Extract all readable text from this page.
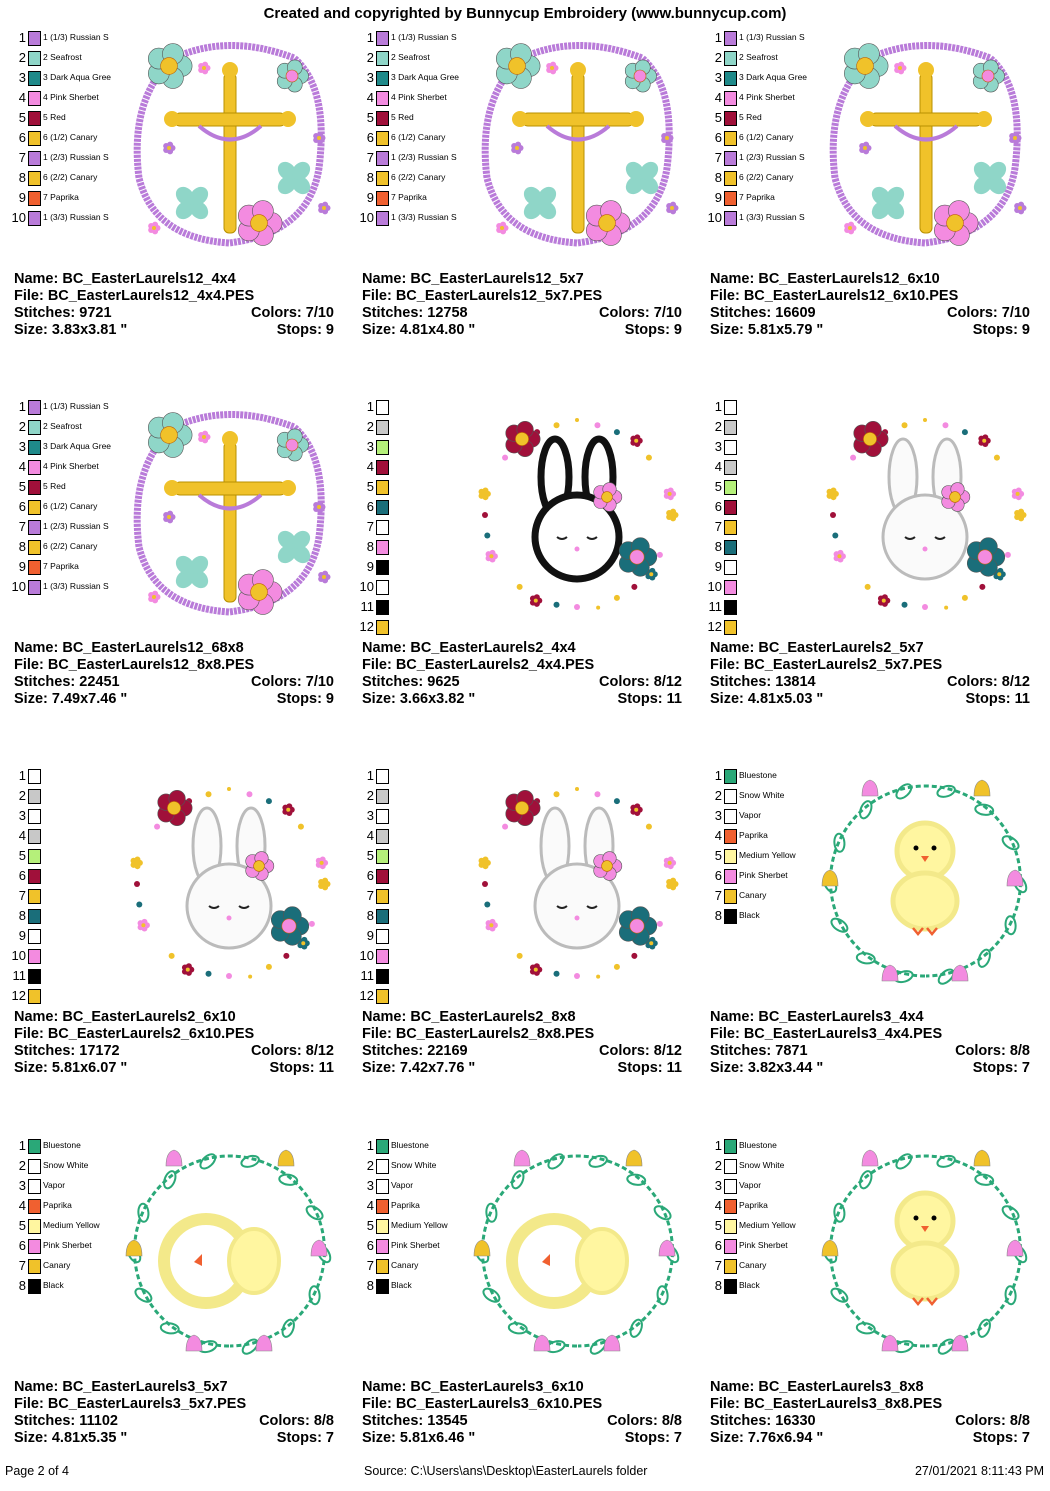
Created and copyrighted by Bunnycup Embroidery (www.bunnycup.com)
1 1 (1/3) Russian S
2 2 Seafrost
3 3 Dark Aqua Gree
4 4 Pink Sherbet
5 5 Red
6 6 (1/2) Canary
7 1 (2/3) Russian S
8 6 (2/2) Canary
9 7 Paprika
10 1 (3/3) Russian S
Name: BC_EasterLaurels12_4x4
File: BC_EasterLaurels12_4x4.PES
Stitches: 9721	Colors: 7/10
Size: 3.83x3.81 "	Stops: 9
1 1 (1/3) Russian S
2 2 Seafrost
3 3 Dark Aqua Gree
4 4 Pink Sherbet
5 5 Red
6 6 (1/2) Canary
7 1 (2/3) Russian S
8 6 (2/2) Canary
9 7 Paprika
10 1 (3/3) Russian S
Name: BC_EasterLaurels12_5x7
File: BC_EasterLaurels12_5x7.PES
Stitches: 12758	Colors: 7/10
Size: 4.81x4.80 "	Stops: 9
1 1 (1/3) Russian S
2 2 Seafrost
3 3 Dark Aqua Gree
4 4 Pink Sherbet
5 5 Red
6 6 (1/2) Canary
7 1 (2/3) Russian S
8 6 (2/2) Canary
9 7 Paprika
10 1 (3/3) Russian S
Name: BC_EasterLaurels12_6x10
File: BC_EasterLaurels12_6x10.PES
Stitches: 16609	Colors: 7/10
Size: 5.81x5.79 "	Stops: 9
1 1 (1/3) Russian S
2 2 Seafrost
3 3 Dark Aqua Gree
4 4 Pink Sherbet
5 5 Red
6 6 (1/2) Canary
7 1 (2/3) Russian S
8 6 (2/2) Canary
9 7 Paprika
10 1 (3/3) Russian S
Name: BC_EasterLaurels12_68x8
File: BC_EasterLaurels12_8x8.PES
Stitches: 22451	Colors: 7/10
Size: 7.49x7.46 "	Stops: 9
1
2
3
4
5
6
7
8
9
10
11
12
Name: BC_EasterLaurels2_4x4
File: BC_EasterLaurels2_4x4.PES
Stitches: 9625	Colors: 8/12
Size: 3.66x3.82 "	Stops: 11
1
2
3
4
5
6
7
8
9
10
11
12
Name: BC_EasterLaurels2_5x7
File: BC_EasterLaurels2_5x7.PES
Stitches: 13814	Colors: 8/12
Size: 4.81x5.03 "	Stops: 11
1
2
3
4
5
6
7
8
9
10
11
12
Name: BC_EasterLaurels2_6x10
File: BC_EasterLaurels2_6x10.PES
Stitches: 17172	Colors: 8/12
Size: 5.81x6.07 "	Stops: 11
1
2
3
4
5
6
7
8
9
10
11
12
Name: BC_EasterLaurels2_8x8
File: BC_EasterLaurels2_8x8.PES
Stitches: 22169	Colors: 8/12
Size: 7.42x7.76 "	Stops: 11
1 Bluestone
2 Snow White
3 Vapor
4 Paprika
5 Medium Yellow
6 Pink Sherbet
7 Canary
8 Black
Name: BC_EasterLaurels3_4x4
File: BC_EasterLaurels3_4x4.PES
Stitches: 7871	Colors: 8/8
Size: 3.82x3.44 "	Stops: 7
1 Bluestone
2 Snow White
3 Vapor
4 Paprika
5 Medium Yellow
6 Pink Sherbet
7 Canary
8 Black
Name: BC_EasterLaurels3_5x7
File: BC_EasterLaurels3_5x7.PES
Stitches: 11102	Colors: 8/8
Size: 4.81x5.35 "	Stops: 7
1 Bluestone
2 Snow White
3 Vapor
4 Paprika
5 Medium Yellow
6 Pink Sherbet
7 Canary
8 Black
Name: BC_EasterLaurels3_6x10
File: BC_EasterLaurels3_6x10.PES
Stitches: 13545	Colors: 8/8
Size: 5.81x6.46 "	Stops: 7
1 Bluestone
2 Snow White
3 Vapor
4 Paprika
5 Medium Yellow
6 Pink Sherbet
7 Canary
8 Black
Name: BC_EasterLaurels3_8x8
File: BC_EasterLaurels3_8x8.PES
Stitches: 16330	Colors: 8/8
Size: 7.76x6.94 "	Stops: 7
Page 2 of 4	Source: C:\Users\ans\Desktop\EasterLaurels folder	27/01/2021 8:11:43 PM
